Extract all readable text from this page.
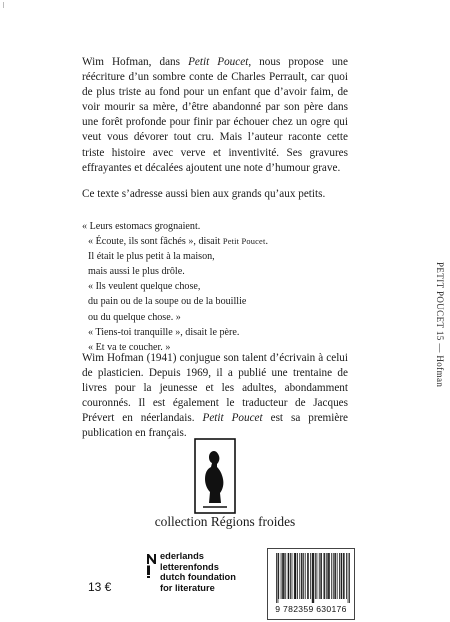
Wim Hofman, dans Petit Poucet, nous propose une réécriture d’un sombre conte de Charles Perrault, car quoi de plus triste au fond pour un enfant que d’avoir faim, de voir mourir sa mère, d’être abandonné par son père dans une forêt profonde pour finir par échouer chez un ogre qui veut vous dévorer tout cru. Mais l’auteur raconte cette triste histoire avec verve et inventivité. Ses gravures effrayantes et décalées ajoutent une note d’humour grave.

Ce texte s’adresse aussi bien aux grands qu’aux petits.

« Leurs estomacs grognaient.
« Écoute, ils sont fâchés », disait Petit Poucet.
Il était le plus petit à la maison,
mais aussi le plus drôle.
« Ils veulent quelque chose,
du pain ou de la soupe ou de la bouillie
ou du quelque chose. »
« Tiens-toi tranquille », disait le père.
« Et va te coucher. »

Wim Hofman (1941) conjugue son talent d’écrivain à celui de plasticien. Depuis 1969, il a publié une trentaine de livres pour la jeunesse et les adultes, abondamment couronnés. Il est également le traducteur de Jacques Prévert en néerlandais. Petit Poucet est sa première publication en français.

collection Régions froides
ederlands
letterenfonds
dutch foundation
for literature
13 €
9 782359 630176
PETIT POUCET 15 — Hofman
